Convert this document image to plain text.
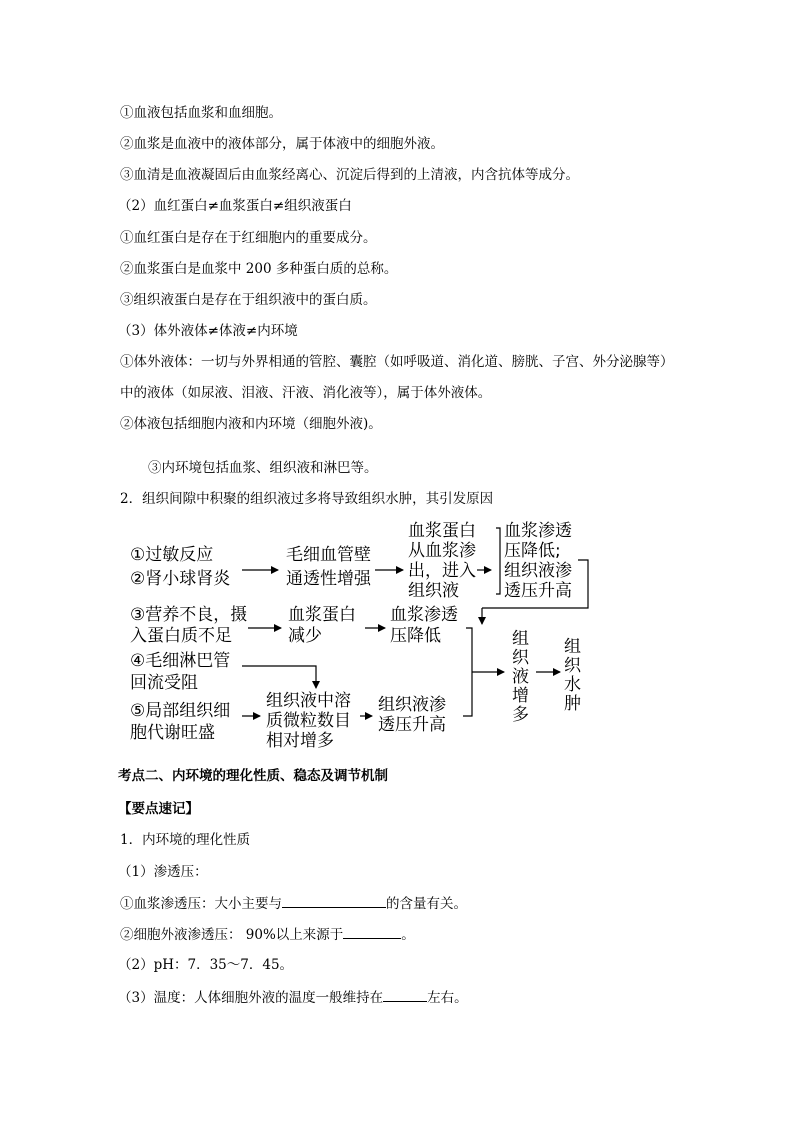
①血液包括血浆和血细胞。
②血浆是血液中的液体部分，属于体液中的细胞外液。
③血清是血液凝固后由血浆经离心、沉淀后得到的上清液，内含抗体等成分。
（2）血红蛋白≠血浆蛋白≠组织液蛋白
①血红蛋白是存在于红细胞内的重要成分。
②血浆蛋白是血浆中 200 多种蛋白质的总称。
③组织液蛋白是存在于组织液中的蛋白质。
（3）体外液体≠体液≠内环境
①体外液体：一切与外界相通的管腔、囊腔（如呼吸道、消化道、膀胱、子宫、外分泌腺等）
中的液体（如尿液、泪液、汗液、消化液等），属于体外液体。
②体液包括细胞内液和内环境（细胞外液)。
③内环境包括血浆、组织液和淋巴等。
2．组织间隙中积聚的组织液过多将导致组织水肿，其引发原因
①过敏反应
②肾小球肾炎
毛细血管壁
通透性增强
血浆蛋白
从血浆渗
出，进入
组织液
血浆渗透
压降低;
组织液渗
透压升高
③营养不良，摄
入蛋白质不足
血浆蛋白
减少
血浆渗透
压降低	组
织
液
增
多
组
织
水
肿
④毛细淋巴管
回流受阻
⑤局部组织细
胞代谢旺盛
组织液中溶
质微粒数目
相对增多
组织液渗
透压升高
考点二、内环境的理化性质、稳态及调节机制
【要点速记】
1．内环境的理化性质
（1）渗透压：
①血浆渗透压：大小主要与	的含量有关。
②细胞外液渗透压： 90%以上来源于	。
（2）pH：7．35～7．45。
（3）温度：人体细胞外液的温度一般维持在	左右。
